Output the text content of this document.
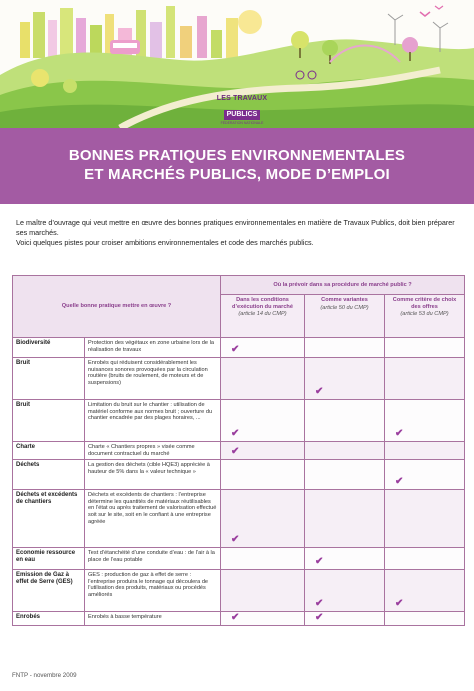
LES TRAVAUX
PUBLICS
FÉDÉRATION NATIONALE
BONNES PRATIQUES ENVIRONNEMENTALES
ET MARCHÉS PUBLICS, MODE D’EMPLOI

Le maître d’ouvrage qui veut mettre en œuvre des bonnes pratiques environnementales en matière de Travaux Publics, doit bien préparer ses marchés.

Voici quelques pistes pour croiser ambitions environnementales et code des marchés publics.

Quelle bonne pratique mettre en œuvre ?		Où la prévoir dans sa procédure de marché public ?		
		Dans les conditions d’exécution du marché
(article 14 du CMP)	Comme variantes
(article 50 du CMP)	Comme critère de choix des offres
(article 53 du CMP)

Biodiversité	Protection des végétaux en zone urbaine lors de la réalisation de travaux	✔		

Bruit	Enrobés qui réduisent considérablement les nuisances sonores provoquées par la circulation routière (bruits de roulement, de moteurs et de suspensions)		✔	

Bruit	Limitation du bruit sur le chantier : utilisation de matériel conforme aux normes bruit ; ouverture du chantier encadrée par des plages horaires, ...	✔		✔

Charte	Charte « Chantiers propres » visée comme document contractuel du marché	✔		

Déchets	La gestion des déchets (cible HQE3) appréciée à hauteur de 5% dans la « valeur technique »			✔

Déchets et excédents de chantiers	Déchets et excédents de chantiers : l’entreprise détermine les quantités de matériaux réutilisables en l’état ou après traitement de valorisation effectué soit sur le site, soit en le confiant à une entreprise agréée	✔		

Economie ressource en eau	Test d’étanchéité d’une conduite d’eau : de l’air à la place de l’eau potable		✔	

Emission de Gaz à effet de Serre (GES)	GES : production de gaz à effet de serre : l’entreprise produira le tonnage qui découlera de l’utilisation des produits, matériaux ou procédés améliorés		✔	✔

Enrobés	Enrobés à basse température	✔	✔	

FNTP - novembre 2009
